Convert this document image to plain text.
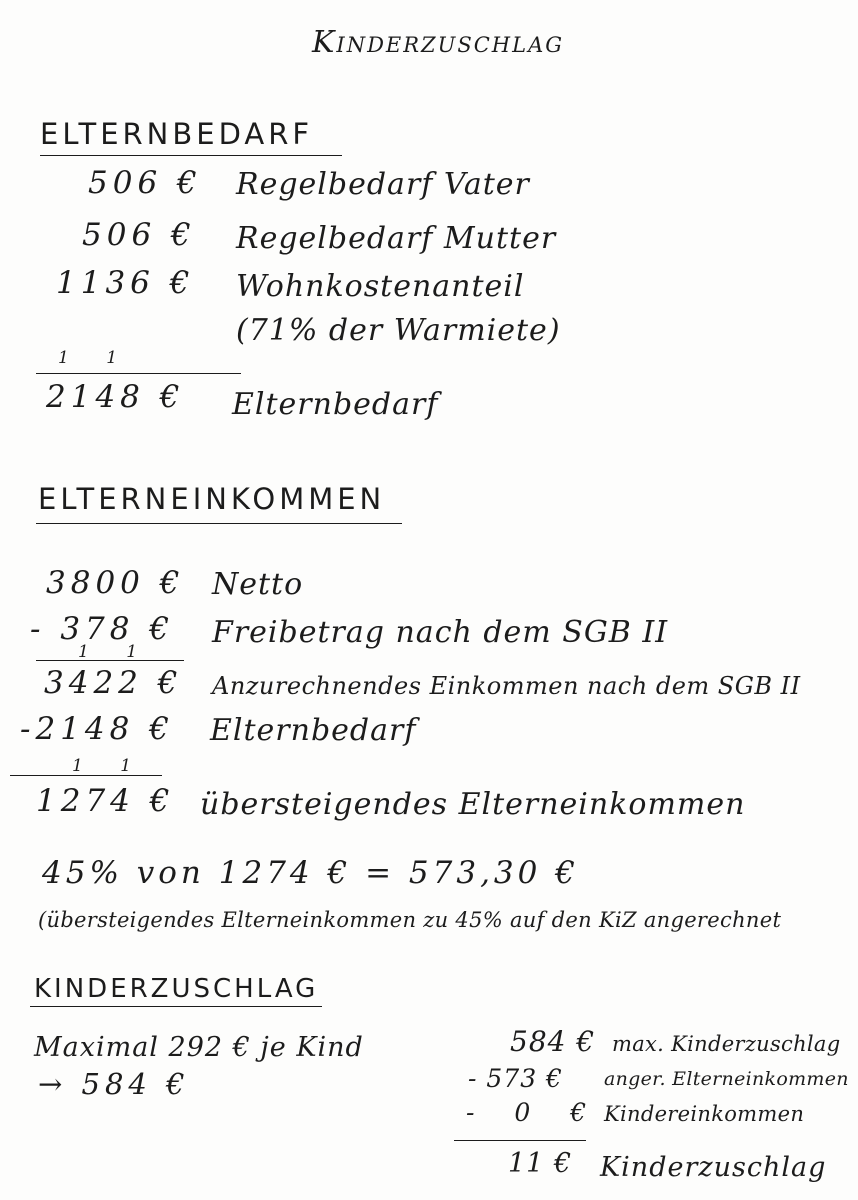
Kinderzuschlag
ELTERNBEDARF
506 € Regelbedarf Vater
506 € Regelbedarf Mutter
1136 € Wohnkostenanteil
(71% der Warmiete)
1 1
2148 € Elternbedarf
ELTERNEINKOMMEN
3800 € Netto
- 378 € Freibetrag nach dem SGB II
1 1
3422 € Anzurechnendes Einkommen nach dem SGB II
-2148 € Elternbedarf
1 1
1274 € übersteigendes Elterneinkommen
45% von 1274 € = 573,30 €
(übersteigendes Elterneinkommen zu 45% auf den KiZ angerechnet
KINDERZUSCHLAG
Maximal 292 € je Kind
→ 584 €
584 € max. Kinderzuschlag
- 573 € anger. Elterneinkommen
- 0 € Kindereinkommen
11 € Kinderzuschlag
